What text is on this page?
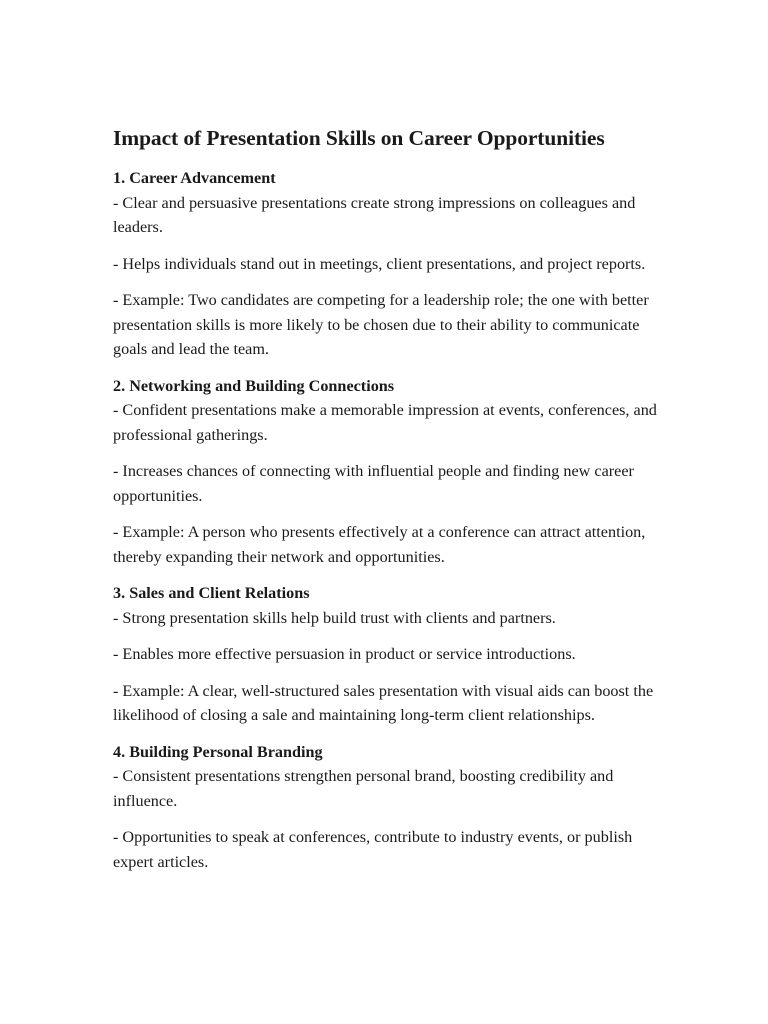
Impact of Presentation Skills on Career Opportunities
1. Career Advancement

- Clear and persuasive presentations create strong impressions on colleagues and leaders.

- Helps individuals stand out in meetings, client presentations, and project reports.

- Example: Two candidates are competing for a leadership role; the one with better presentation skills is more likely to be chosen due to their ability to communicate goals and lead the team.

2. Networking and Building Connections

- Confident presentations make a memorable impression at events, conferences, and professional gatherings.

- Increases chances of connecting with influential people and finding new career opportunities.

- Example: A person who presents effectively at a conference can attract attention, thereby expanding their network and opportunities.

3. Sales and Client Relations

- Strong presentation skills help build trust with clients and partners.

- Enables more effective persuasion in product or service introductions.

- Example: A clear, well-structured sales presentation with visual aids can boost the likelihood of closing a sale and maintaining long-term client relationships.

4. Building Personal Branding

- Consistent presentations strengthen personal brand, boosting credibility and influence.

- Opportunities to speak at conferences, contribute to industry events, or publish expert articles.
